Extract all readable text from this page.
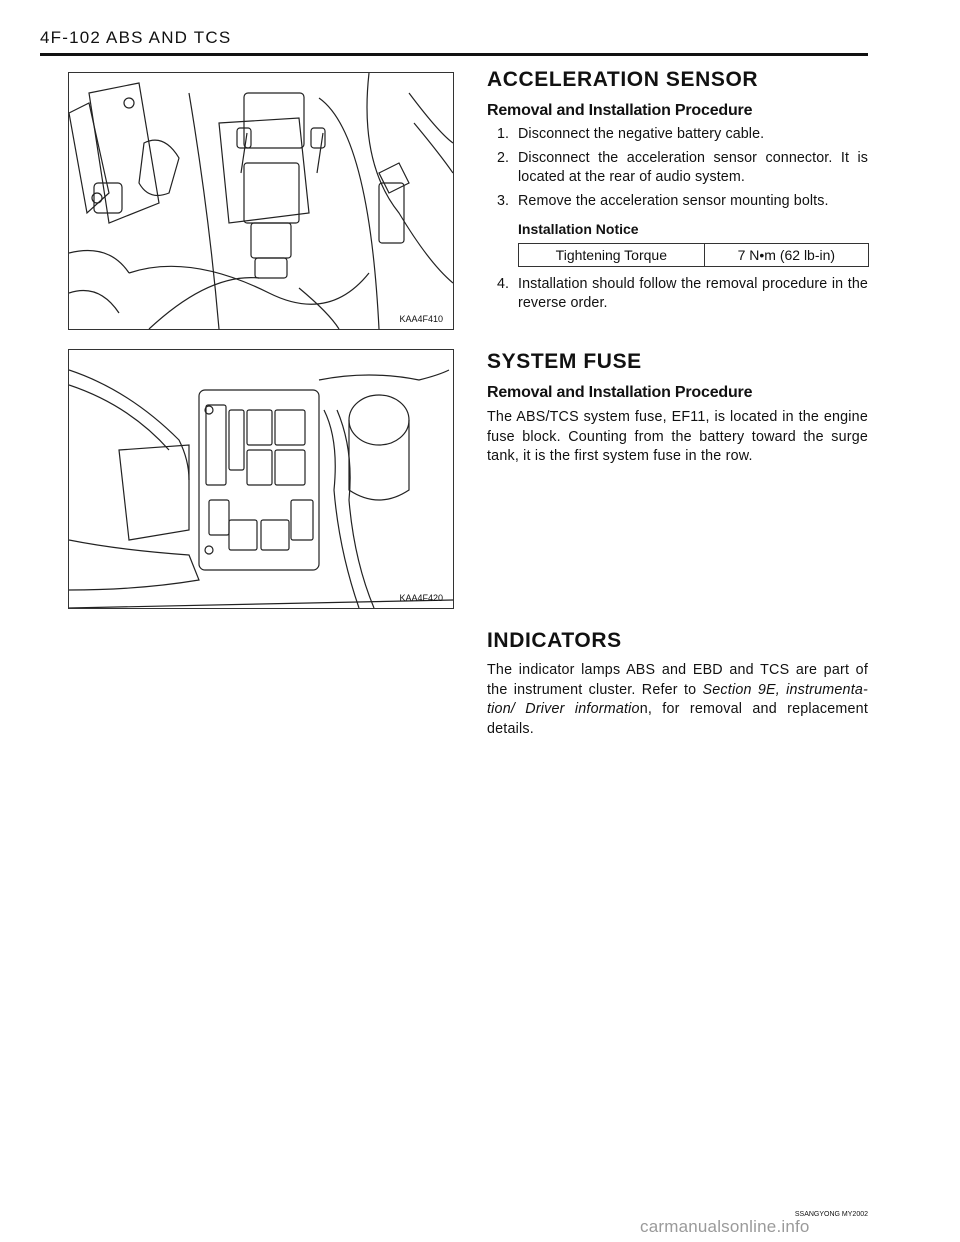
4F-102 ABS AND TCS
KAA4F410
KAA4F420
ACCELERATION SENSOR
Removal and Installation Procedure
1. Disconnect the negative battery cable.
2. Disconnect the acceleration sensor connector. It is located at the rear of audio system.
3. Remove the acceleration sensor mounting bolts.
Installation Notice
Tightening Torque	7 N•m (62 lb-in)
4. Installation should follow the removal procedure in the reverse order.
SYSTEM FUSE
Removal and Installation Procedure

The ABS/TCS system fuse, EF11, is located in the engine fuse block. Counting from the battery toward the surge tank, it is the first system fuse in the row.

INDICATORS

The indicator lamps ABS and EBD and TCS are part of the instrument cluster. Refer to Section 9E, instrumenta-tion/ Driver information, for removal and replacement details.

SSANGYONG MY2002
carmanualsonline.info
